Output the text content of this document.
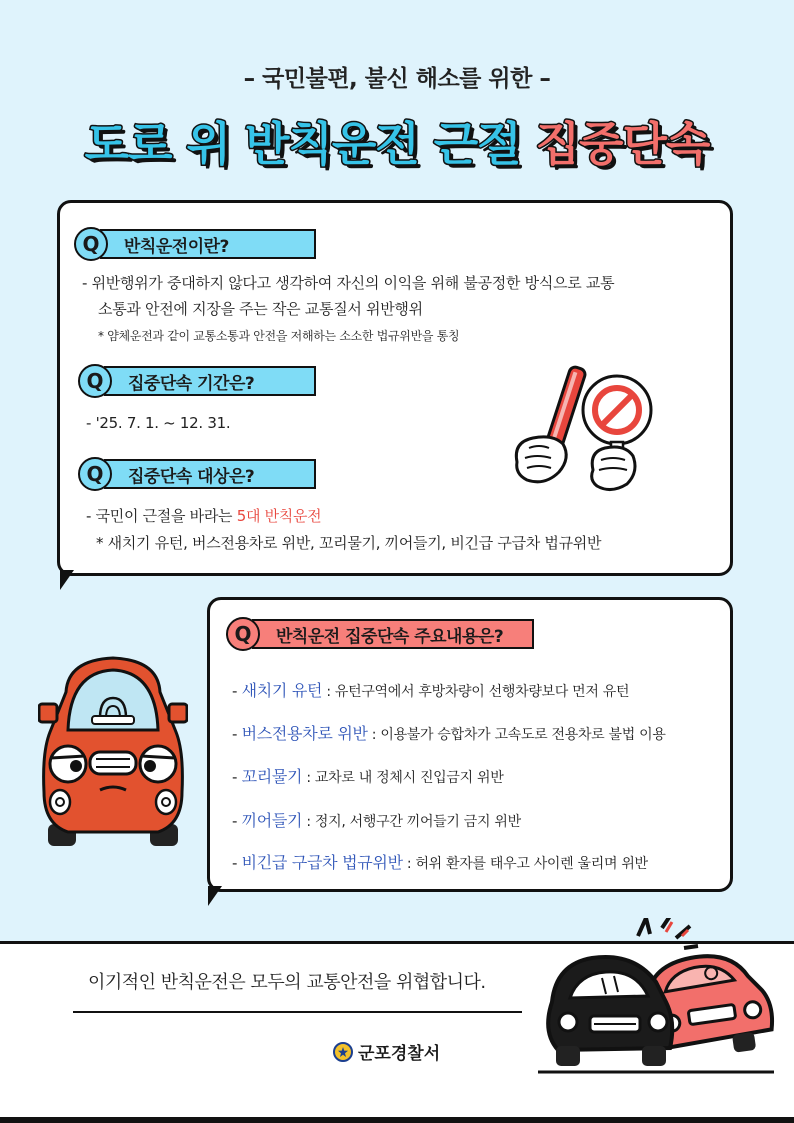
– 국민불편, 불신 해소를 위한 –
도로 위 반칙운전 근절 집중단속
Q	반칙운전이란?
- 위반행위가 중대하지 않다고 생각하여 자신의 이익을 위해 불공정한 방식으로 교통
소통과 안전에 지장을 주는 작은 교통질서 위반행위
* 얌체운전과 같이 교통소통과 안전을 저해하는 소소한 법규위반을 통칭
Q	집중단속 기간은?
- '25. 7. 1. ~ 12. 31.
Q	집중단속 대상은?
- 국민이 근절을 바라는 5대 반칙운전
* 새치기 유턴, 버스전용차로 위반, 꼬리물기, 끼어들기, 비긴급 구급차 법규위반
Q	반칙운전 집중단속 주요내용은?
- 새치기 유턴 : 유턴구역에서 후방차량이 선행차량보다 먼저 유턴
- 버스전용차로 위반 : 이용불가 승합차가 고속도로 전용차로 불법 이용
- 꼬리물기 : 교차로 내 정체시 진입금지 위반
- 끼어들기 : 정지, 서행구간 끼어들기 금지 위반
- 비긴급 구급차 법규위반 : 허위 환자를 태우고 사이렌 울리며 위반
이기적인 반칙운전은 모두의 교통안전을 위협합니다.
군포경찰서
